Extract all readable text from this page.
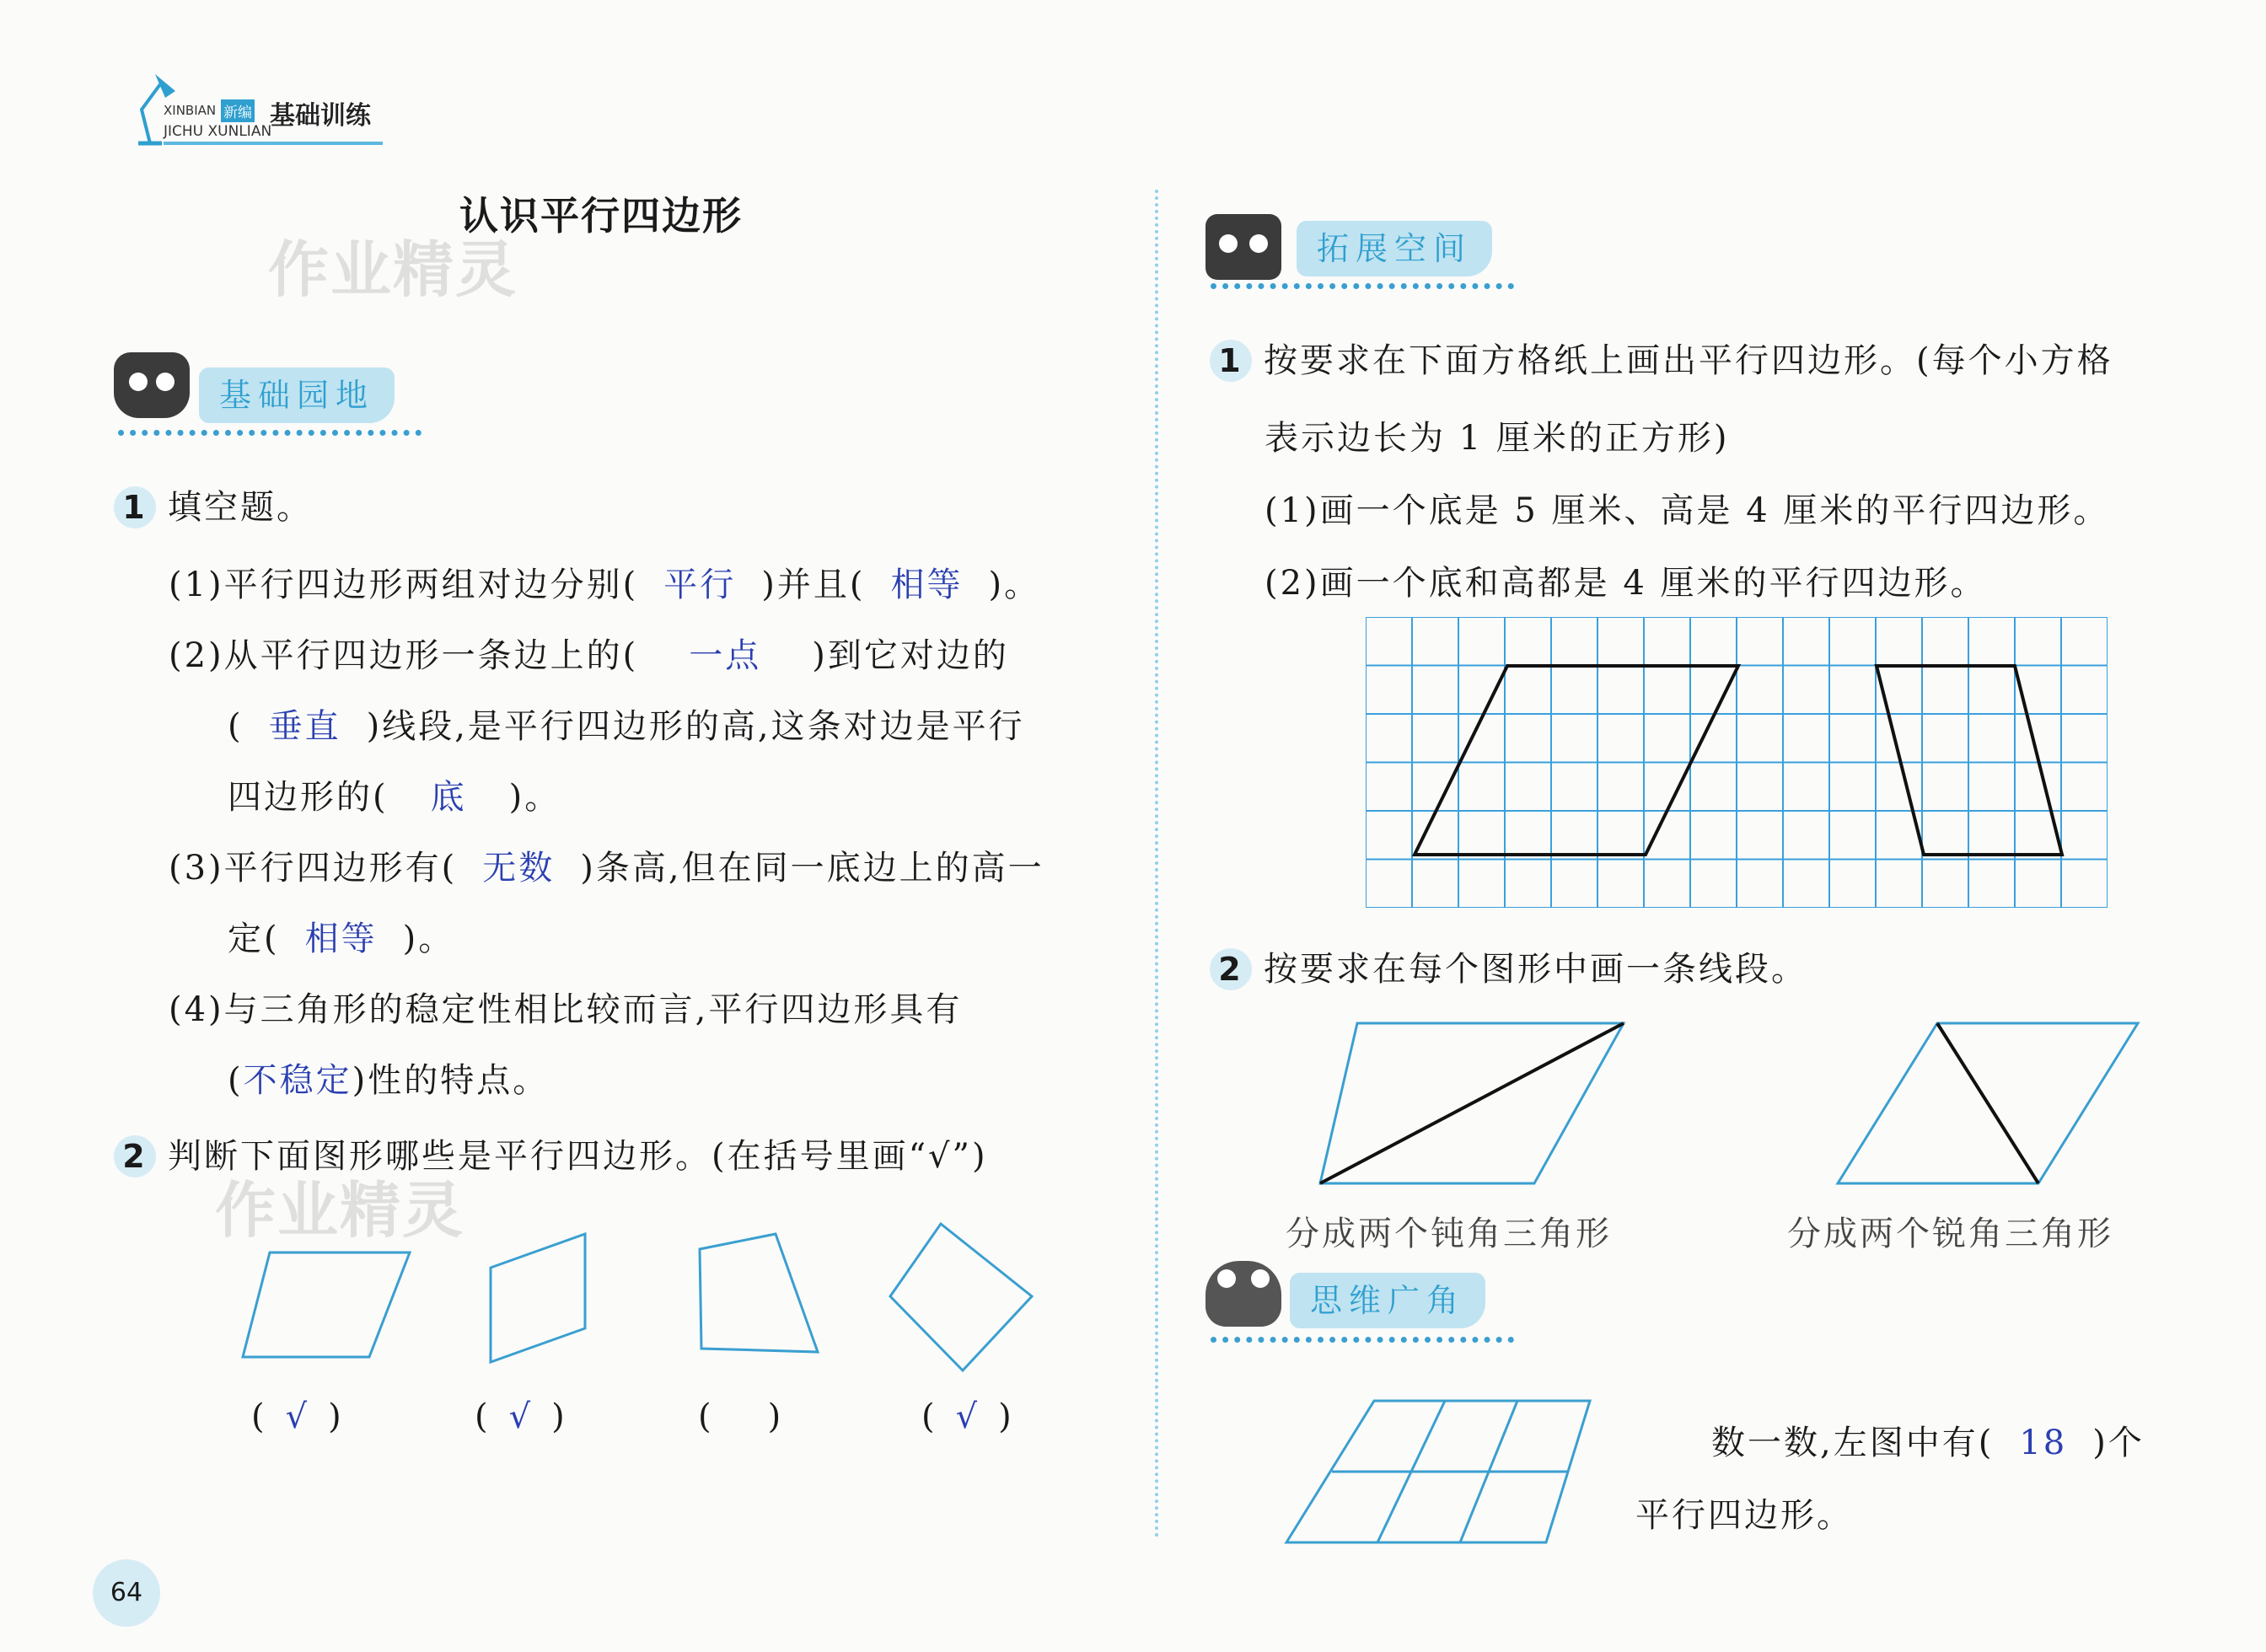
XINBIAN 新编 基础训练
JICHU XUNLIAN
认识平行四边形
作业精灵
作业精灵
基础园地
1 填空题。
(1)平行四边形两组对边分别( 平行 )并且( 相等 )。
(2)从平行四边形一条边上的( 一点 )到它对边的
( 垂直 )线段,是平行四边形的高,这条对边是平行
四边形的( 底 )。
(3)平行四边形有( 无数 )条高,但在同一底边上的高一
定( 相等 )。
(4)与三角形的稳定性相比较而言,平行四边形具有
(不稳定)性的特点。
2 判断下面图形哪些是平行四边形。(在括号里画“√”)
( √ )	( √ )	( )	( √ )
64
拓展空间
1 按要求在下面方格纸上画出平行四边形。(每个小方格
表示边长为 1 厘米的正方形)
(1)画一个底是 5 厘米、高是 4 厘米的平行四边形。
(2)画一个底和高都是 4 厘米的平行四边形。
2 按要求在每个图形中画一条线段。
分成两个钝角三角形	分成两个锐角三角形
思维广角
数一数,左图中有( 18 )个
平行四边形。
